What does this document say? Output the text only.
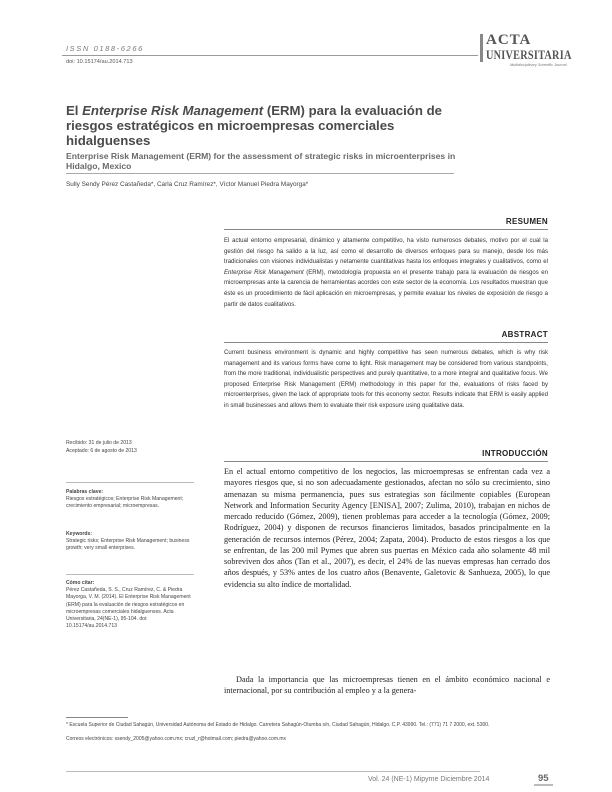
ISSN 0188-6266
doi: 10.15174/au.2014.713
ACTA
UNIVERSITARIA
Multidisciplinary Scientific Journal
El Enterprise Risk Management (ERM) para la evaluación de riesgos estratégicos en microempresas comerciales hidalguenses
Enterprise Risk Management (ERM) for the assessment of strategic risks in microenterprises in Hidalgo, Mexico
Sully Sendy Pérez Castañeda*, Carla Cruz Ramírez*, Víctor Manuel Piedra Mayorga*
RESUMEN
El actual entorno empresarial, dinámico y altamente competitivo, ha visto numerosos debates, motivo por el cual la gestión del riesgo ha salido a la luz, así como el desarrollo de diversos enfoques para su manejo, desde los más tradicionales con visiones individualistas y netamente cuantitativas hasta los enfoques integrales y cualitativos, como el Enterprise Risk Management (ERM), metodología propuesta en el presente trabajo para la evaluación de riesgos en microempresas ante la carencia de herramientas acordes con este sector de la economía. Los resultados muestran que éste es un procedimiento de fácil aplicación en microempresas, y permite evaluar los niveles de exposición de riesgo a partir de datos cualitativos.
ABSTRACT
Current business environment is dynamic and highly competitive has seen numerous debates, which is why risk management and its various forms have come to light. Risk management may be considered from various standpoints, from the more traditional, individualistic perspectives and purely quantitative, to a more integral and qualitative focus. We proposed Enterprise Risk Management (ERM) methodology in this paper for the, evaluations of risks faced by microenterprises, given the lack of appropriate tools for this economy sector. Results indicate that ERM is easily applied in small businesses and allows them to evaluate their risk exposure using qualitative data.
Recibido: 31 de julio de 2013
Aceptado: 6 de agosto de 2013
Palabras clave:
Riesgos estratégicos; Enterprise Risk Management; crecimiento empresarial; microempresas.
Keywords:
Strategic risks; Enterprise Risk Management; business growth; very small enterprises.
Cómo citar:
Pérez Castañeda, S. S., Cruz Ramírez, C. & Piedra Mayorga, V. M. (2014). El Enterprise Risk Management (ERM) para la evaluación de riesgos estratégicos en microempresas comerciales hidalguenses. Acta Universitaria, 24(NE-1), 95-104. doi: 10.15174/au.2014.713
INTRODUCCIÓN
En el actual entorno competitivo de los negocios, las microempresas se enfrentan cada vez a mayores riesgos que, si no son adecuadamente gestionados, afectan no sólo su crecimiento, sino amenazan su misma permanencia, pues sus estrategias son fácilmente copiables (European Network and Information Security Agency [ENISA], 2007; Zulima, 2010), trabajan en nichos de mercado reducido (Gómez, 2009), tienen problemas para acceder a la tecnología (Gómez, 2009; Rodríguez, 2004) y disponen de recursos financieros limitados, basados principalmente en la generación de recursos internos (Pérez, 2004; Zapata, 2004). Producto de estos riesgos a los que se enfrentan, de las 200 mil Pymes que abren sus puertas en México cada año solamente 48 mil sobreviven dos años (Tan et al., 2007), es decir, el 24% de las nuevas empresas han cerrado dos años después, y 53% antes de los cuatro años (Benavente, Galetovic & Sanhueza, 2005), lo que evidencia su alto índice de mortalidad.
Dada la importancia que las microempresas tienen en el ámbito económico nacional e internacional, por su contribución al empleo y a la genera-
* Escuela Superior de Ciudad Sahagún, Universidad Autónoma del Estado de Hidalgo. Carretera Sahagún-Otumba s/n, Ciudad Sahagún, Hidalgo. C.P. 43990. Tel.: (771) 71 7 2000, ext. 5300.
Correos electrónicos: ssendy_2005@yahoo.com.mx; cruzl_r@hotmail.com; piedra@yahoo.com.mx
Vol. 24 (NE-1) Mipyme Diciembre 2014	95
